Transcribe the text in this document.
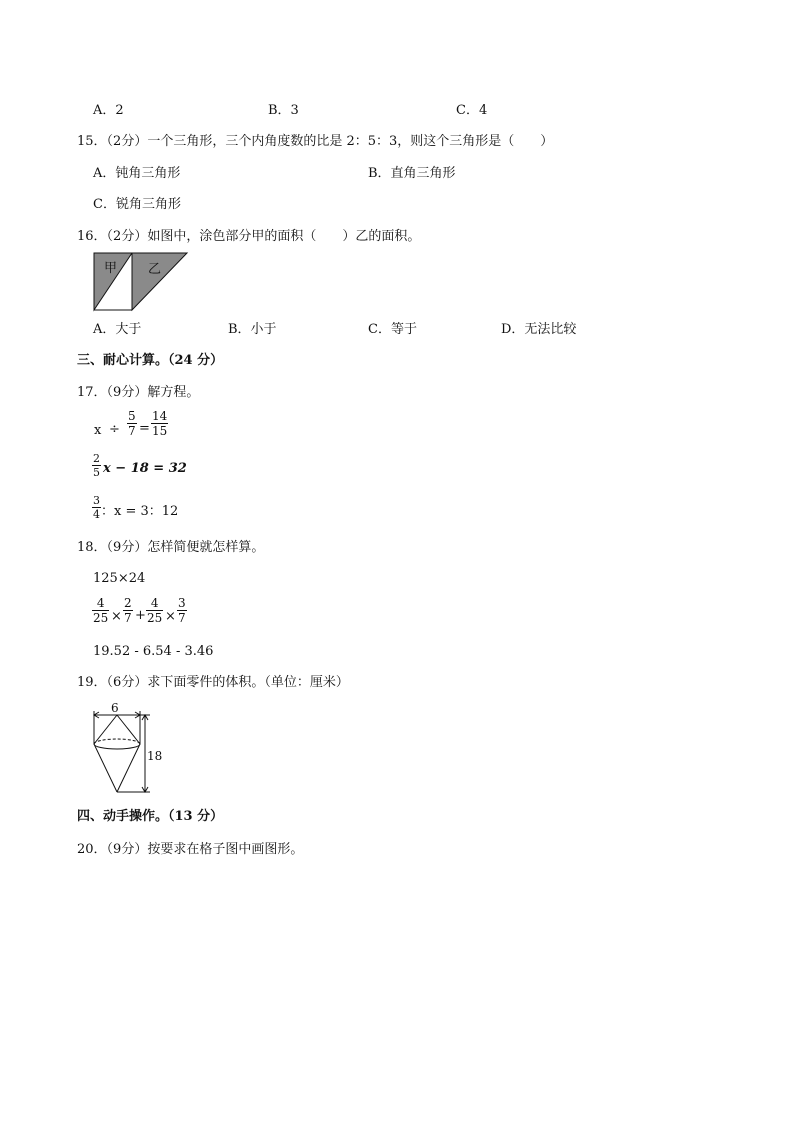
A．2	B．3	C．4
15．（2分）一个三角形，三个内角度数的比是 2：5：3，则这个三角形是（　　）
A．钝角三角形	B．直角三角形
C．锐角三角形
16．（2分）如图中，涂色部分甲的面积（　　）乙的面积。
甲 乙
A．大于	B．小于	C．等于	D．无法比较
三、耐心计算。（24 分）
17．（9分）解方程。
$x \div \frac{5}{7} = \frac{14}{15}$
$\frac{2}{5}$ x − 18 = 32
$\frac{3}{4}$ ：x = 3：12
18．（9分）怎样简便就怎样算。
125×24
$\frac{4}{25} \times \frac{2}{7} + \frac{4}{25} \times \frac{3}{7}$
19.52 - 6.54 - 3.46
19．（6分）求下面零件的体积。（单位：厘米）
6
18
四、动手操作。（13 分）
20．（9分）按要求在格子图中画图形。
